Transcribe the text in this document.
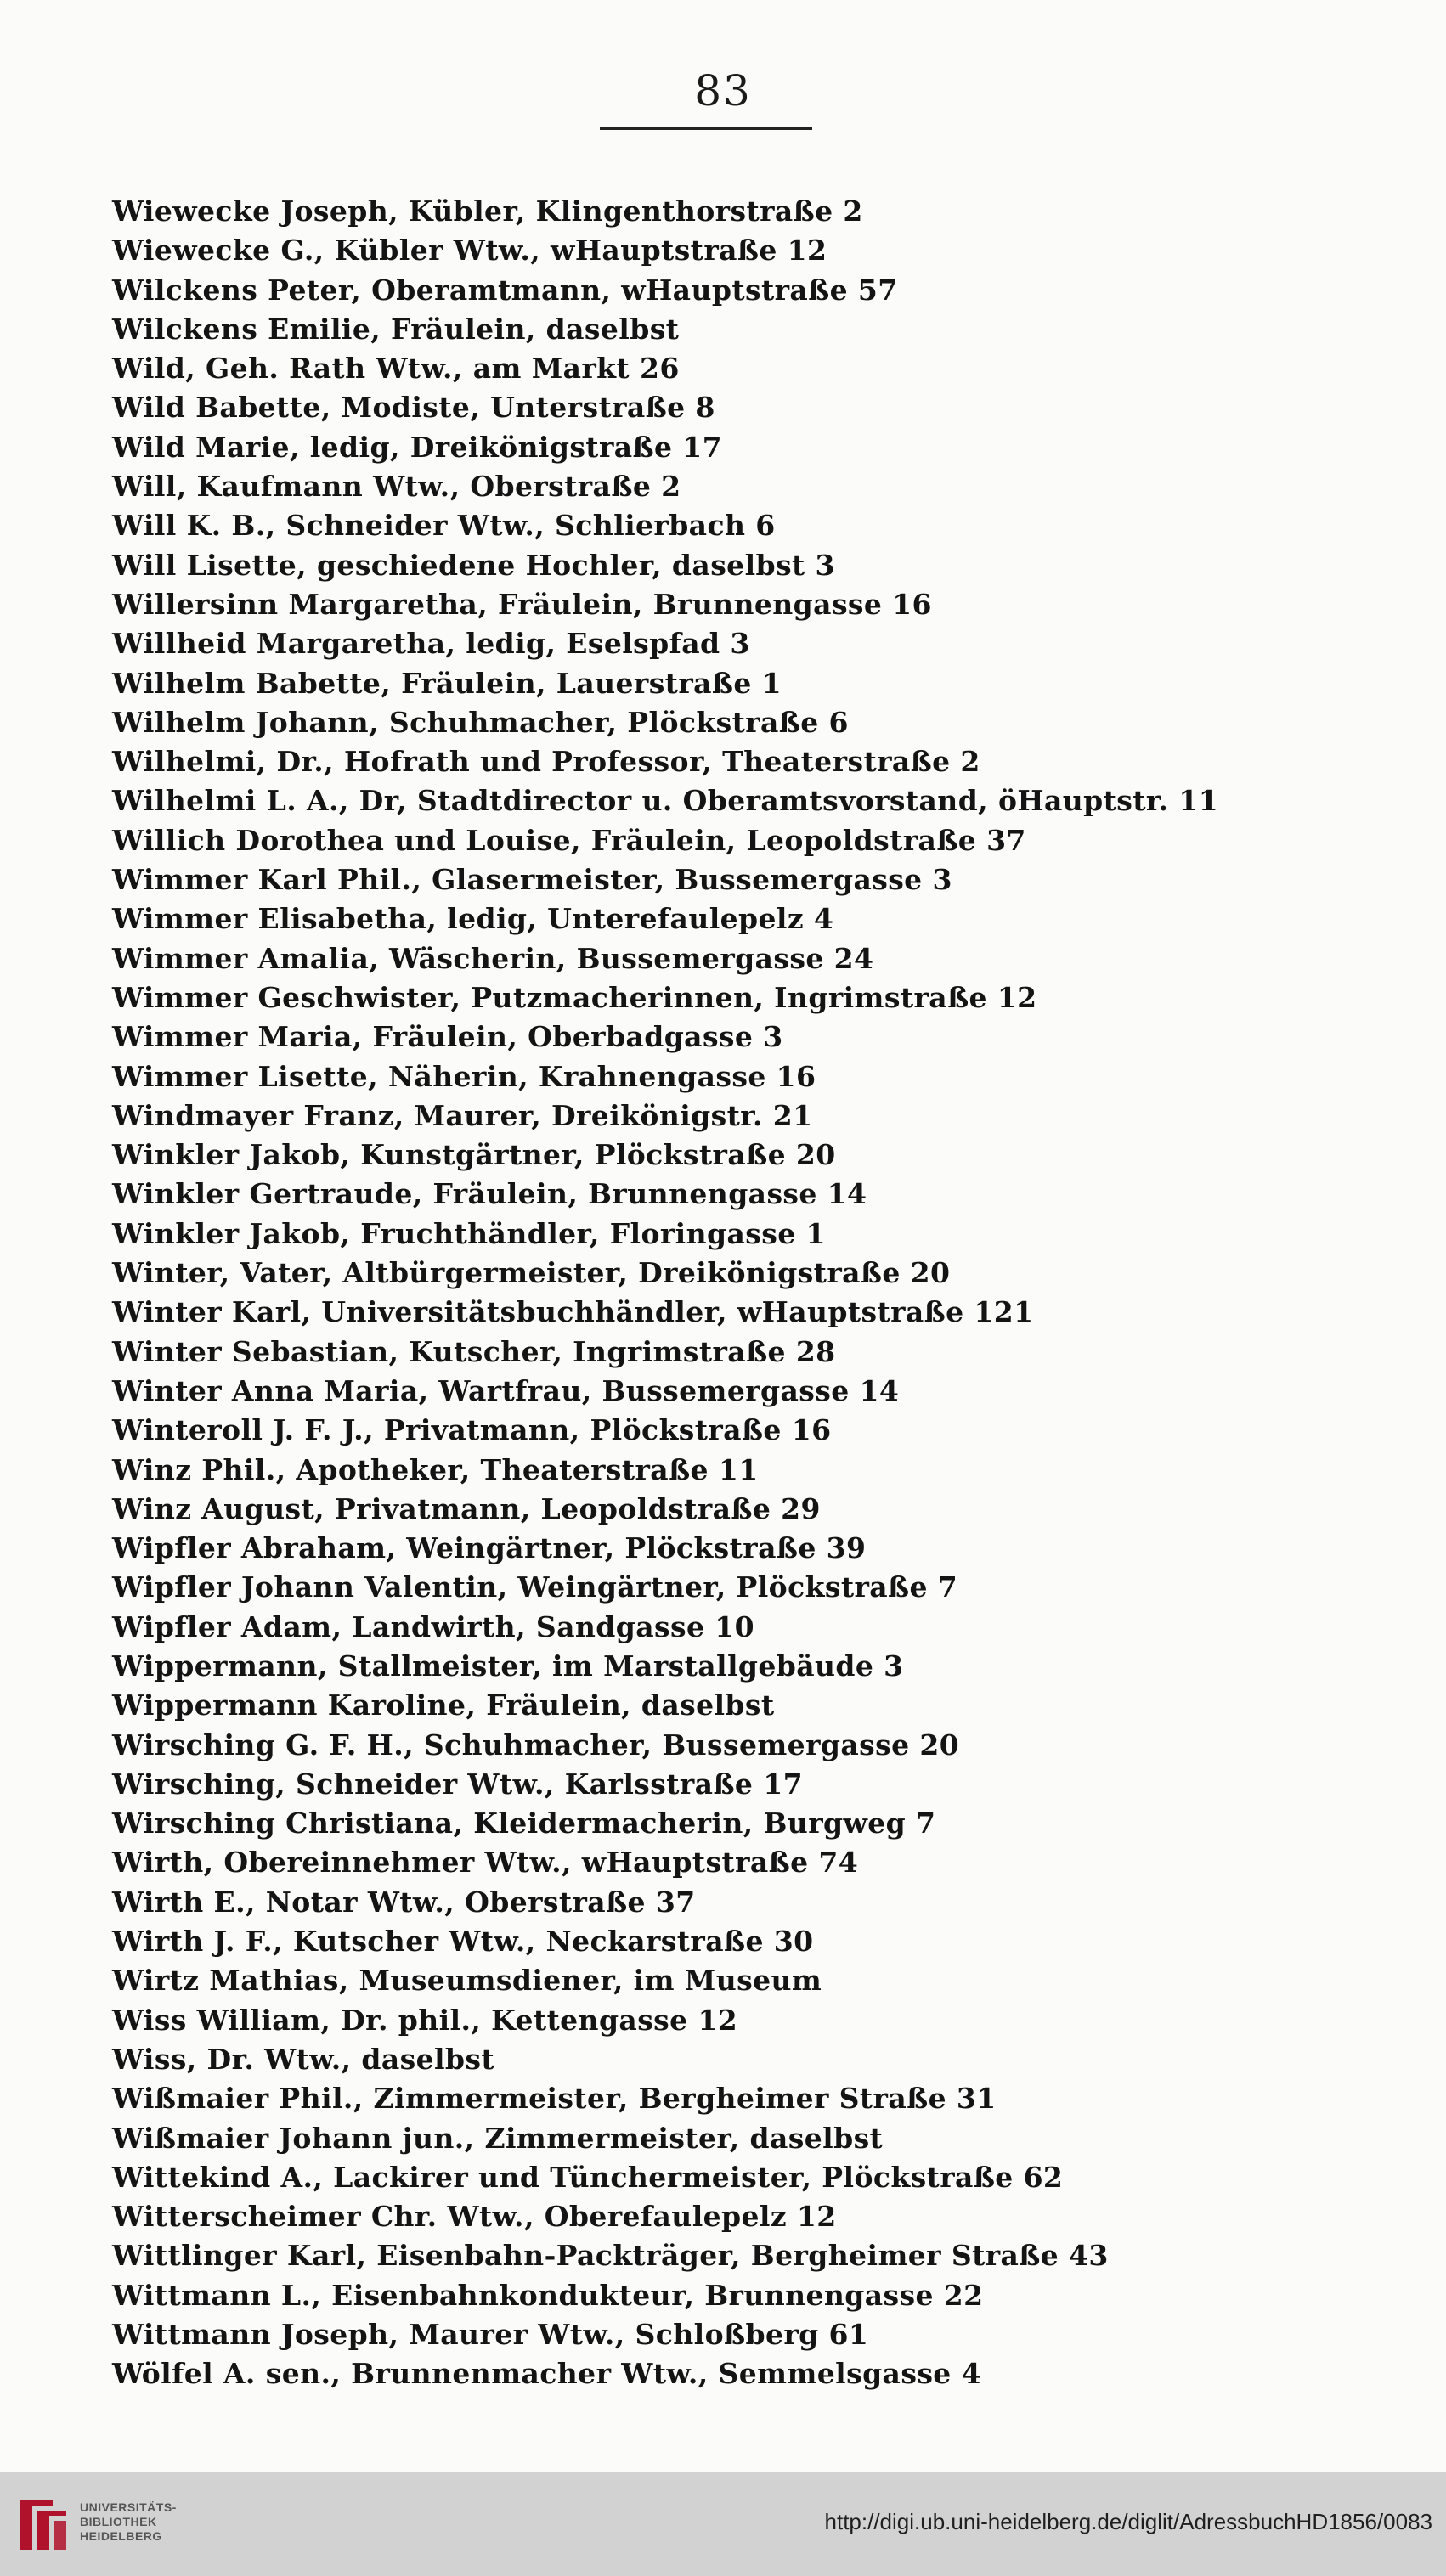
83
Wiewecke Joseph, Kübler, Klingenthorstraße 2
Wiewecke G., Kübler Wtw., wHauptstraße 12
Wilckens Peter, Oberamtmann, wHauptstraße 57
Wilckens Emilie, Fräulein, daselbst
Wild, Geh. Rath Wtw., am Markt 26
Wild Babette, Modiste, Unterstraße 8
Wild Marie, ledig, Dreikönigstraße 17
Will, Kaufmann Wtw., Oberstraße 2
Will K. B., Schneider Wtw., Schlierbach 6
Will Lisette, geschiedene Hochler, daselbst 3
Willersinn Margaretha, Fräulein, Brunnengasse 16
Willheid Margaretha, ledig, Eselspfad 3
Wilhelm Babette, Fräulein, Lauerstraße 1
Wilhelm Johann, Schuhmacher, Plöckstraße 6
Wilhelmi, Dr., Hofrath und Professor, Theaterstraße 2
Wilhelmi L. A., Dr, Stadtdirector u. Oberamtsvorstand, öHauptstr. 11
Willich Dorothea und Louise, Fräulein, Leopoldstraße 37
Wimmer Karl Phil., Glasermeister, Bussemergasse 3
Wimmer Elisabetha, ledig, Unterefaulepelz 4
Wimmer Amalia, Wäscherin, Bussemergasse 24
Wimmer Geschwister, Putzmacherinnen, Ingrimstraße 12
Wimmer Maria, Fräulein, Oberbadgasse 3
Wimmer Lisette, Näherin, Krahnengasse 16
Windmayer Franz, Maurer, Dreikönigstr. 21
Winkler Jakob, Kunstgärtner, Plöckstraße 20
Winkler Gertraude, Fräulein, Brunnengasse 14
Winkler Jakob, Fruchthändler, Floringasse 1
Winter, Vater, Altbürgermeister, Dreikönigstraße 20
Winter Karl, Universitätsbuchhändler, wHauptstraße 121
Winter Sebastian, Kutscher, Ingrimstraße 28
Winter Anna Maria, Wartfrau, Bussemergasse 14
Winteroll J. F. J., Privatmann, Plöckstraße 16
Winz Phil., Apotheker, Theaterstraße 11
Winz August, Privatmann, Leopoldstraße 29
Wipfler Abraham, Weingärtner, Plöckstraße 39
Wipfler Johann Valentin, Weingärtner, Plöckstraße 7
Wipfler Adam, Landwirth, Sandgasse 10
Wippermann, Stallmeister, im Marstallgebäude 3
Wippermann Karoline, Fräulein, daselbst
Wirsching G. F. H., Schuhmacher, Bussemergasse 20
Wirsching, Schneider Wtw., Karlsstraße 17
Wirsching Christiana, Kleidermacherin, Burgweg 7
Wirth, Obereinnehmer Wtw., wHauptstraße 74
Wirth E., Notar Wtw., Oberstraße 37
Wirth J. F., Kutscher Wtw., Neckarstraße 30
Wirtz Mathias, Museumsdiener, im Museum
Wiss William, Dr. phil., Kettengasse 12
Wiss, Dr. Wtw., daselbst
Wißmaier Phil., Zimmermeister, Bergheimer Straße 31
Wißmaier Johann jun., Zimmermeister, daselbst
Wittekind A., Lackirer und Tünchermeister, Plöckstraße 62
Witterscheimer Chr. Wtw., Oberefaulepelz 12
Wittlinger Karl, Eisenbahn-Packträger, Bergheimer Straße 43
Wittmann L., Eisenbahnkondukteur, Brunnengasse 22
Wittmann Joseph, Maurer Wtw., Schloßberg 61
Wölfel A. sen., Brunnenmacher Wtw., Semmelsgasse 4
UNIVERSITÄTS-
BIBLIOTHEK
HEIDELBERG
http://digi.ub.uni-heidelberg.de/diglit/AdressbuchHD1856/0083
